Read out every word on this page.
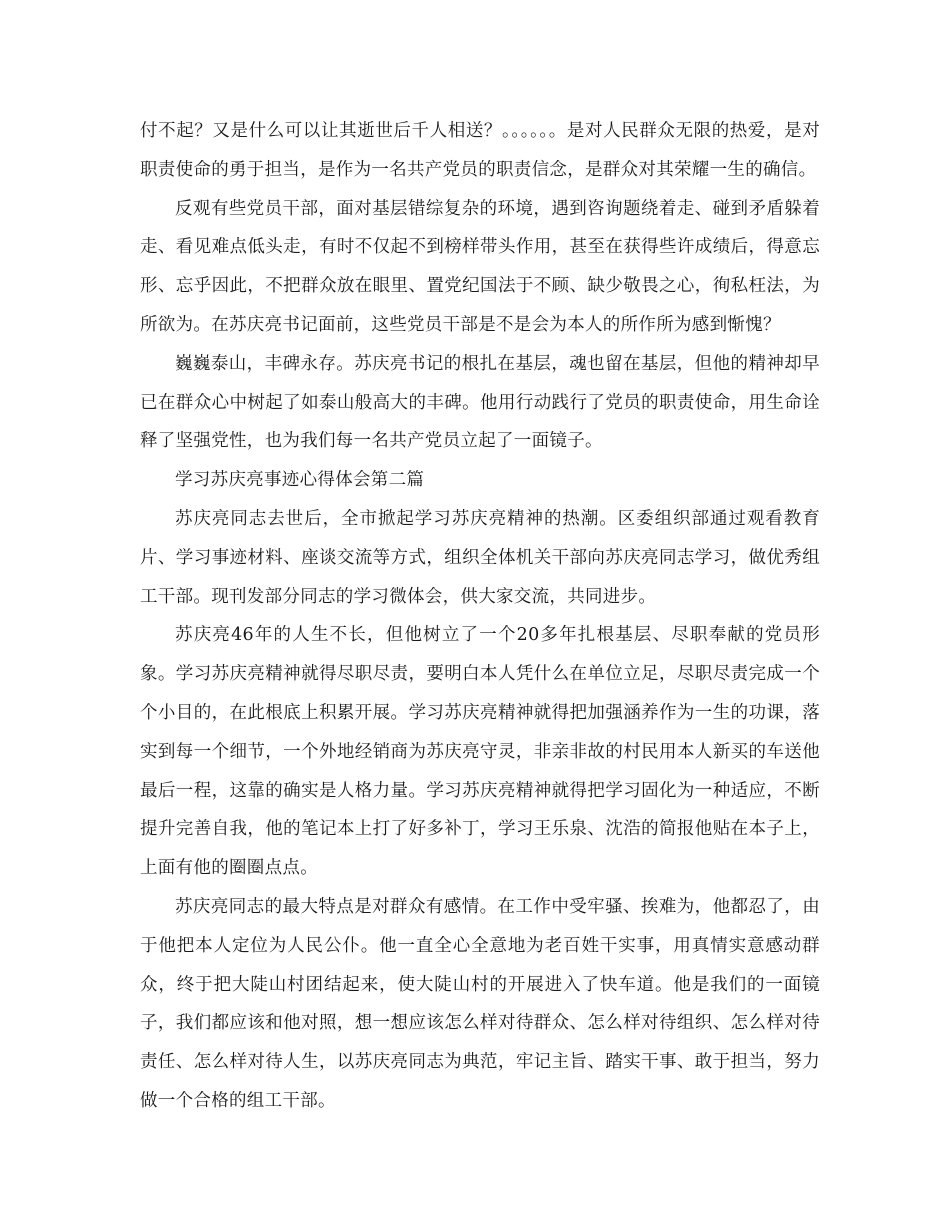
付不起？又是什么可以让其逝世后千人相送？。。。。。。是对人民群众无限的热爱，是对职责使命的勇于担当，是作为一名共产党员的职责信念，是群众对其荣耀一生的确信。

反观有些党员干部，面对基层错综复杂的环境，遇到咨询题绕着走、碰到矛盾躲着走、看见难点低头走，有时不仅起不到榜样带头作用，甚至在获得些许成绩后，得意忘形、忘乎因此，不把群众放在眼里、置党纪国法于不顾、缺少敬畏之心，徇私枉法，为所欲为。在苏庆亮书记面前，这些党员干部是不是会为本人的所作所为感到惭愧？

巍巍泰山，丰碑永存。苏庆亮书记的根扎在基层，魂也留在基层，但他的精神却早已在群众心中树起了如泰山般高大的丰碑。他用行动践行了党员的职责使命，用生命诠释了坚强党性，也为我们每一名共产党员立起了一面镜子。

学习苏庆亮事迹心得体会第二篇

苏庆亮同志去世后，全市掀起学习苏庆亮精神的热潮。区委组织部通过观看教育片、学习事迹材料、座谈交流等方式，组织全体机关干部向苏庆亮同志学习，做优秀组工干部。现刊发部分同志的学习微体会，供大家交流，共同进步。

苏庆亮46年的人生不长，但他树立了一个20多年扎根基层、尽职奉献的党员形象。学习苏庆亮精神就得尽职尽责，要明白本人凭什么在单位立足，尽职尽责完成一个个小目的，在此根底上积累开展。学习苏庆亮精神就得把加强涵养作为一生的功课，落实到每一个细节，一个外地经销商为苏庆亮守灵，非亲非故的村民用本人新买的车送他最后一程，这靠的确实是人格力量。学习苏庆亮精神就得把学习固化为一种适应，不断提升完善自我，他的笔记本上打了好多补丁，学习王乐泉、沈浩的简报他贴在本子上，上面有他的圈圈点点。

苏庆亮同志的最大特点是对群众有感情。在工作中受牢骚、挨难为，他都忍了，由于他把本人定位为人民公仆。他一直全心全意地为老百姓干实事，用真情实意感动群众，终于把大陡山村团结起来，使大陡山村的开展进入了快车道。他是我们的一面镜子，我们都应该和他对照，想一想应该怎么样对待群众、怎么样对待组织、怎么样对待责任、怎么样对待人生，以苏庆亮同志为典范，牢记主旨、踏实干事、敢于担当，努力做一个合格的组工干部。
